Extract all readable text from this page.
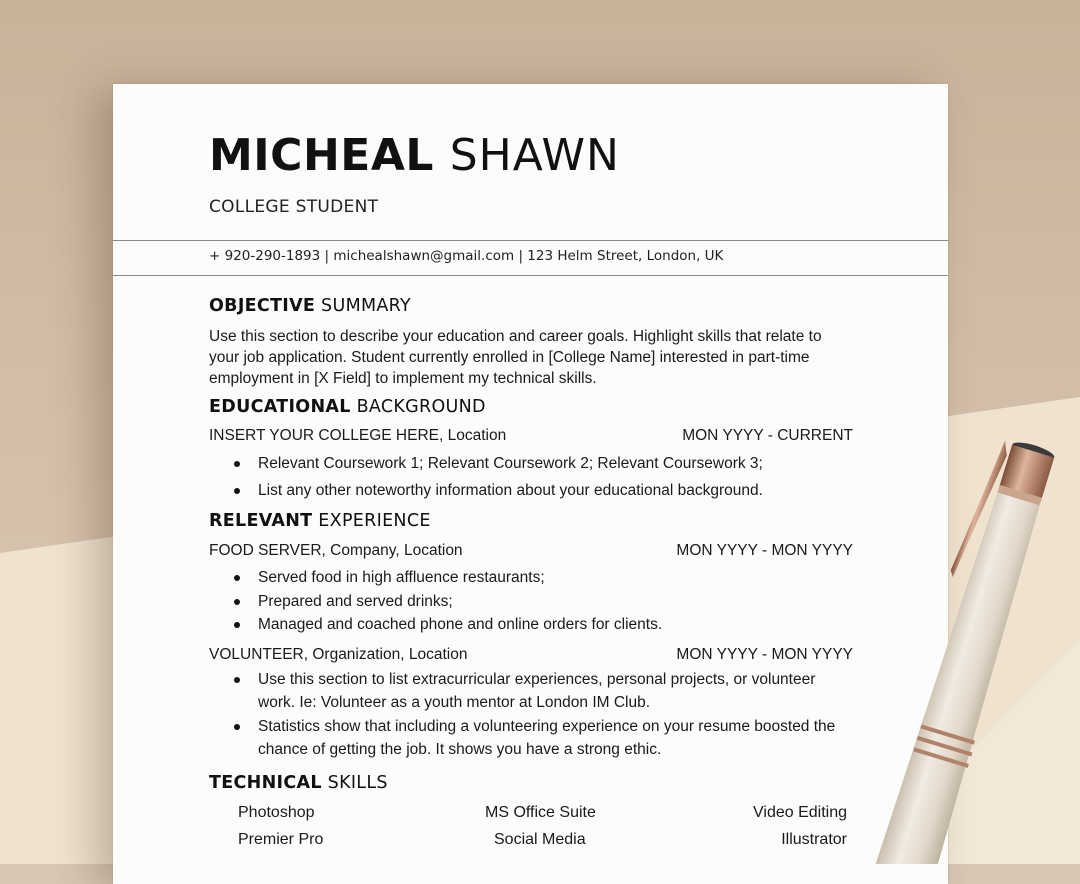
MICHEAL SHAWN
COLLEGE STUDENT
+ 920-290-1893 | michealshawn@gmail.com | 123 Helm Street, London, UK
OBJECTIVE SUMMARY
Use this section to describe your education and career goals. Highlight skills that relate to
your job application. Student currently enrolled in [College Name] interested in part-time
employment in [X Field] to implement my technical skills.
EDUCATIONAL BACKGROUND
INSERT YOUR COLLEGE HERE, Location	MON YYYY - CURRENT
Relevant Coursework 1; Relevant Coursework 2; Relevant Coursework 3;
List any other noteworthy information about your educational background.
RELEVANT EXPERIENCE
FOOD SERVER, Company, Location	MON YYYY - MON YYYY
Served food in high affluence restaurants;
Prepared and served drinks;
Managed and coached phone and online orders for clients.
VOLUNTEER, Organization, Location	MON YYYY - MON YYYY
Use this section to list extracurricular experiences, personal projects, or volunteer
work. Ie: Volunteer as a youth mentor at London IM Club.
Statistics show that including a volunteering experience on your resume boosted the
chance of getting the job. It shows you have a strong ethic.
TECHNICAL SKILLS
Photoshop	MS Office Suite	Video Editing
Premier Pro	Social Media	Illustrator
